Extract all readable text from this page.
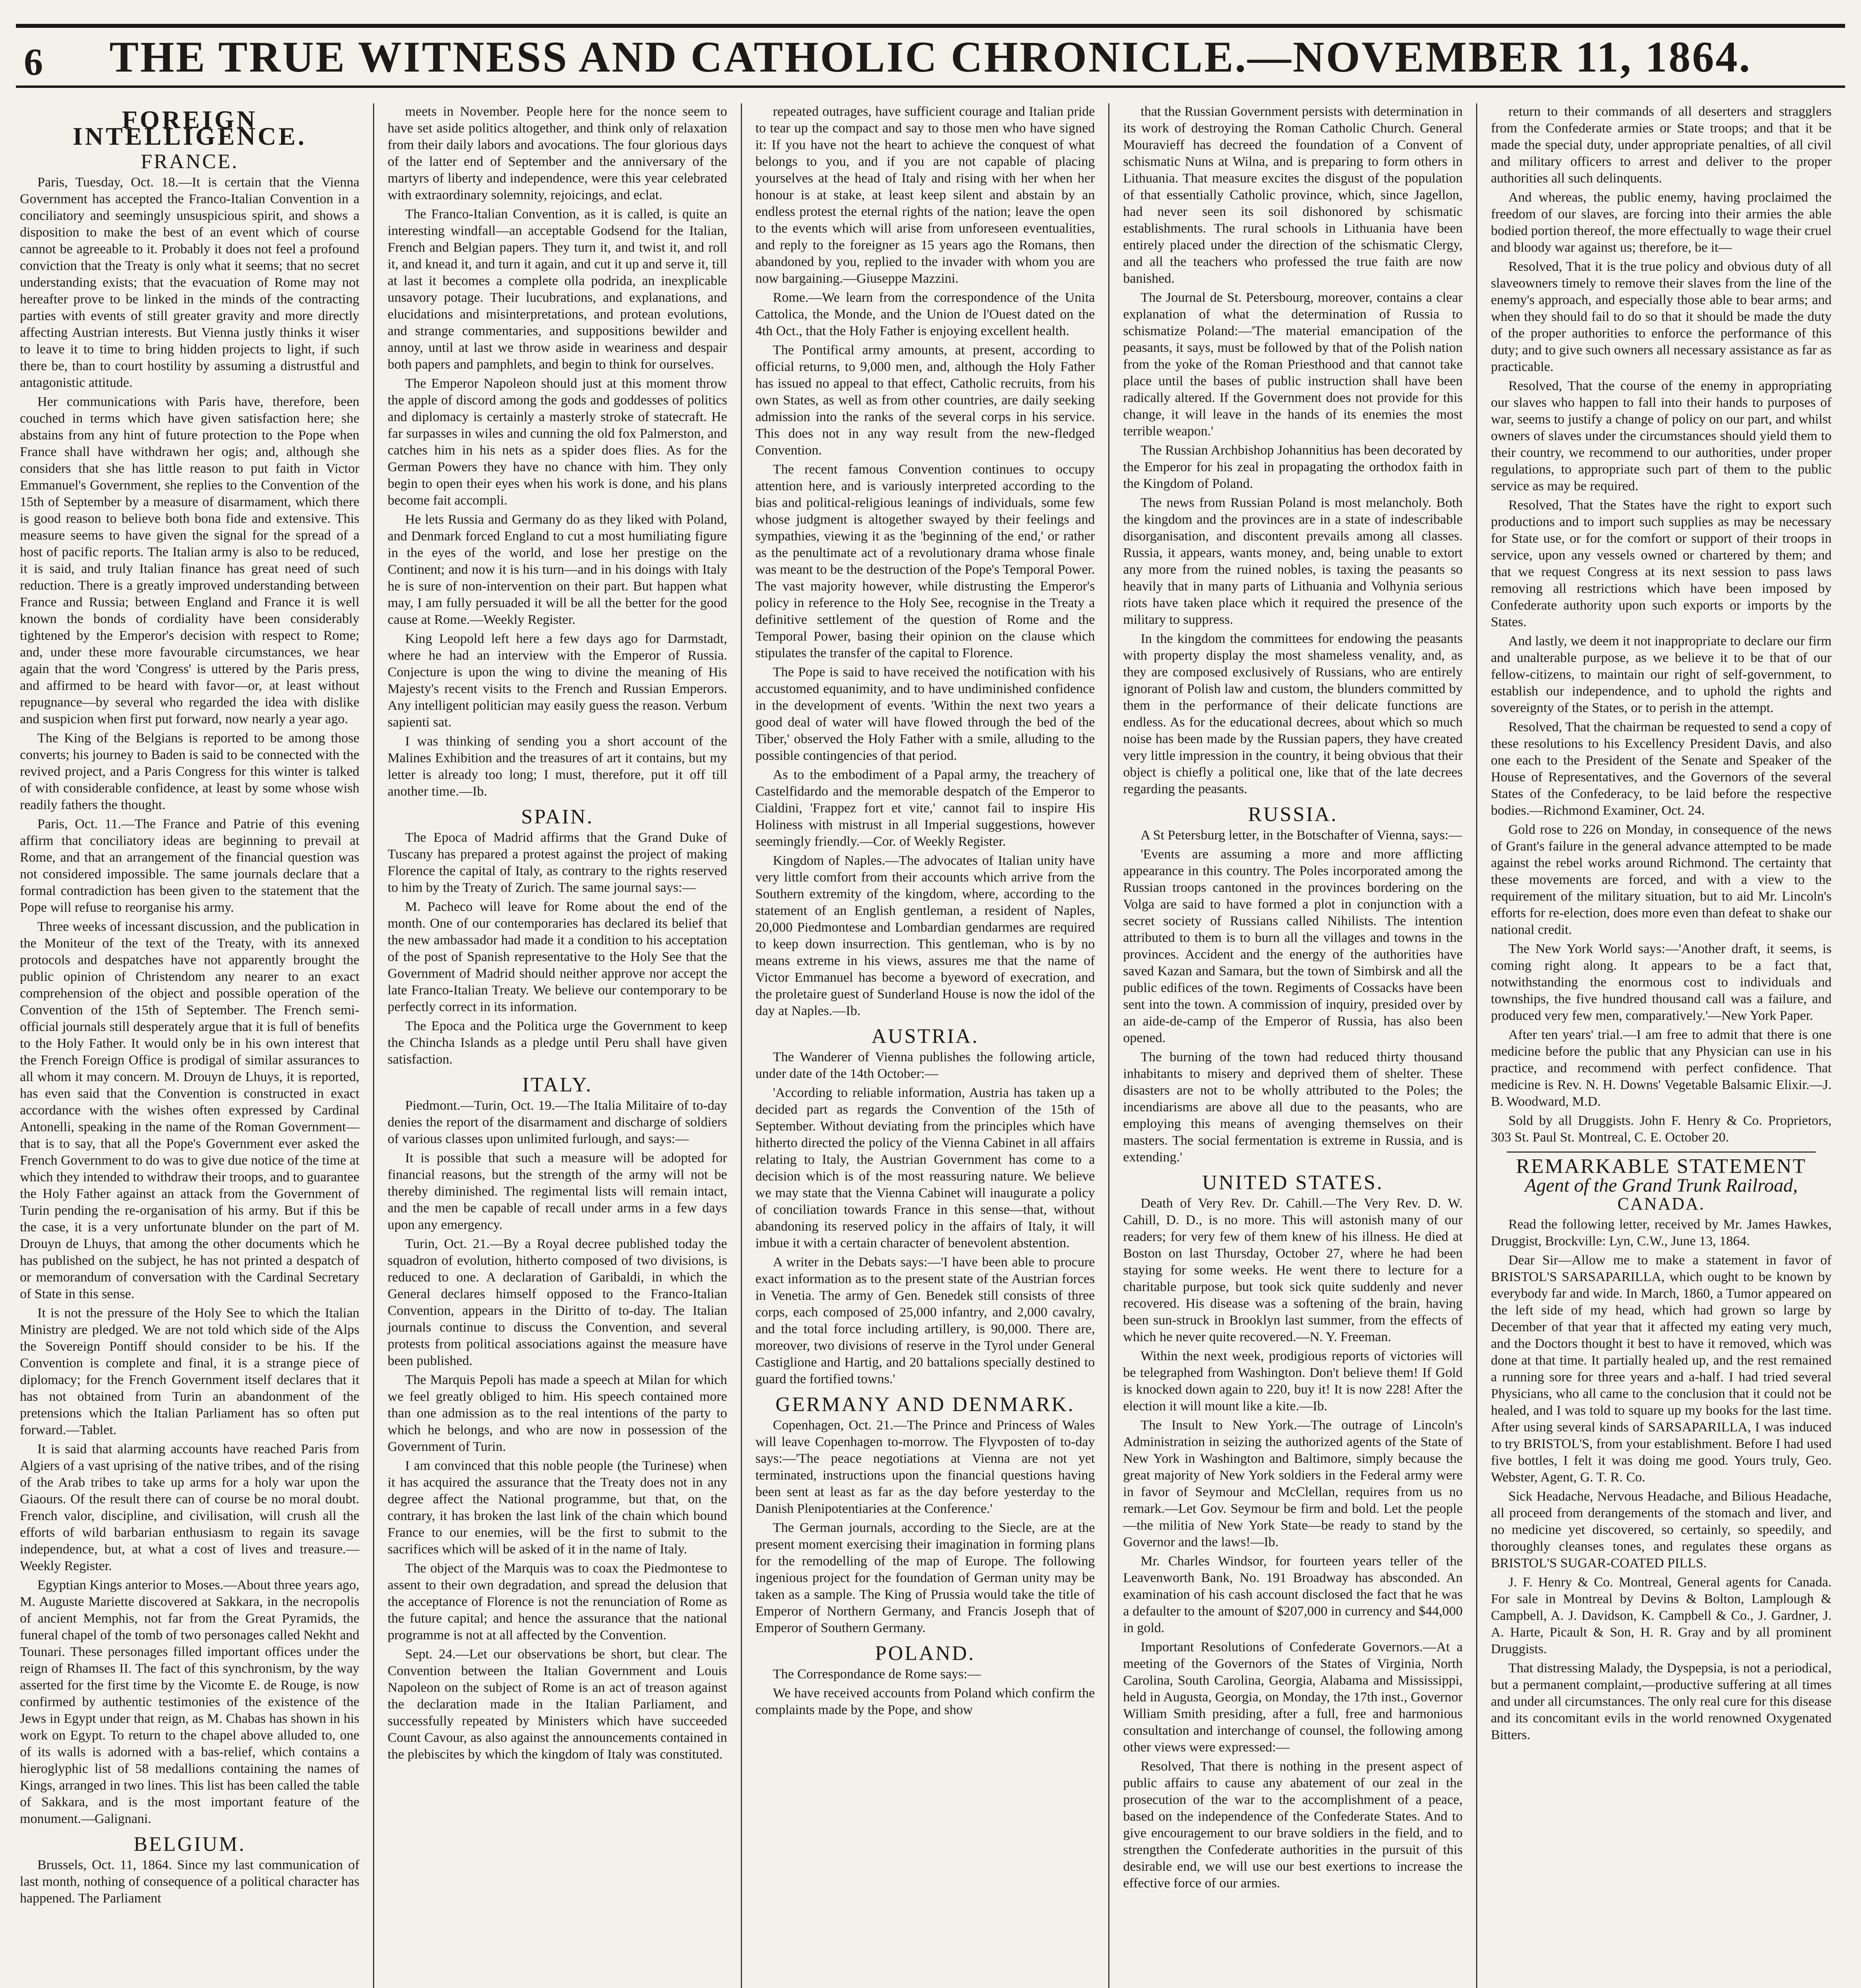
6	THE TRUE WITNESS AND CATHOLIC CHRONICLE.—NOVEMBER 11, 1864.
FOREIGN INTELLIGENCE.
FRANCE.

Paris, Tuesday, Oct. 18.—It is certain that the Vienna Government has accepted the Franco-Italian Convention in a conciliatory and seemingly unsuspicious spirit, and shows a disposition to make the best of an event which of course cannot be agreeable to it. Probably it does not feel a profound conviction that the Treaty is only what it seems; that no secret understanding exists; that the evacuation of Rome may not hereafter prove to be linked in the minds of the contracting parties with events of still greater gravity and more directly affecting Austrian interests. But Vienna justly thinks it wiser to leave it to time to bring hidden projects to light, if such there be, than to court hostility by assuming a distrustful and antagonistic attitude.

Her communications with Paris have, therefore, been couched in terms which have given satisfaction here; she abstains from any hint of future protection to the Pope when France shall have withdrawn her ogis; and, although she considers that she has little reason to put faith in Victor Emmanuel's Government, she replies to the Convention of the 15th of September by a measure of disarmament, which there is good reason to believe both bona fide and extensive. This measure seems to have given the signal for the spread of a host of pacific reports. The Italian army is also to be reduced, it is said, and truly Italian finance has great need of such reduction. There is a greatly improved understanding between France and Russia; between England and France it is well known the bonds of cordiality have been considerably tightened by the Emperor's decision with respect to Rome; and, under these more favourable circumstances, we hear again that the word 'Congress' is uttered by the Paris press, and affirmed to be heard with favor—or, at least without repugnance—by several who regarded the idea with dislike and suspicion when first put forward, now nearly a year ago.

The King of the Belgians is reported to be among those converts; his journey to Baden is said to be connected with the revived project, and a Paris Congress for this winter is talked of with considerable confidence, at least by some whose wish readily fathers the thought.

Paris, Oct. 11.—The France and Patrie of this evening affirm that conciliatory ideas are beginning to prevail at Rome, and that an arrangement of the financial question was not considered impossible. The same journals declare that a formal contradiction has been given to the statement that the Pope will refuse to reorganise his army.

Three weeks of incessant discussion, and the publication in the Moniteur of the text of the Treaty, with its annexed protocols and despatches have not apparently brought the public opinion of Christendom any nearer to an exact comprehension of the object and possible operation of the Convention of the 15th of September. The French semi-official journals still desperately argue that it is full of benefits to the Holy Father. It would only be in his own interest that the French Foreign Office is prodigal of similar assurances to all whom it may concern. M. Drouyn de Lhuys, it is reported, has even said that the Convention is constructed in exact accordance with the wishes often expressed by Cardinal Antonelli, speaking in the name of the Roman Government—that is to say, that all the Pope's Government ever asked the French Government to do was to give due notice of the time at which they intended to withdraw their troops, and to guarantee the Holy Father against an attack from the Government of Turin pending the re-organisation of his army. But if this be the case, it is a very unfortunate blunder on the part of M. Drouyn de Lhuys, that among the other documents which he has published on the subject, he has not printed a despatch of or memorandum of conversation with the Cardinal Secretary of State in this sense.

It is not the pressure of the Holy See to which the Italian Ministry are pledged. We are not told which side of the Alps the Sovereign Pontiff should consider to be his. If the Convention is complete and final, it is a strange piece of diplomacy; for the French Government itself declares that it has not obtained from Turin an abandonment of the pretensions which the Italian Parliament has so often put forward.—Tablet.

It is said that alarming accounts have reached Paris from Algiers of a vast uprising of the native tribes, and of the rising of the Arab tribes to take up arms for a holy war upon the Giaours. Of the result there can of course be no moral doubt. French valor, discipline, and civilisation, will crush all the efforts of wild barbarian enthusiasm to regain its savage independence, but, at what a cost of lives and treasure.—Weekly Register.

Egyptian Kings anterior to Moses.—About three years ago, M. Auguste Mariette discovered at Sakkara, in the necropolis of ancient Memphis, not far from the Great Pyramids, the funeral chapel of the tomb of two personages called Nekht and Tounari. These personages filled important offices under the reign of Rhamses II. The fact of this synchronism, by the way asserted for the first time by the Vicomte E. de Rouge, is now confirmed by authentic testimonies of the existence of the Jews in Egypt under that reign, as M. Chabas has shown in his work on Egypt. To return to the chapel above alluded to, one of its walls is adorned with a bas-relief, which contains a hieroglyphic list of 58 medallions containing the names of Kings, arranged in two lines. This list has been called the table of Sakkara, and is the most important feature of the monument.—Galignani.

BELGIUM.

Brussels, Oct. 11, 1864. Since my last communication of last month, nothing of consequence of a political character has happened. The Parliament

meets in November. People here for the nonce seem to have set aside politics altogether, and think only of relaxation from their daily labors and avocations. The four glorious days of the latter end of September and the anniversary of the martyrs of liberty and independence, were this year celebrated with extraordinary solemnity, rejoicings, and eclat.

The Franco-Italian Convention, as it is called, is quite an interesting windfall—an acceptable Godsend for the Italian, French and Belgian papers. They turn it, and twist it, and roll it, and knead it, and turn it again, and cut it up and serve it, till at last it becomes a complete olla podrida, an inexplicable unsavory potage. Their lucubrations, and explanations, and elucidations and misinterpretations, and protean evolutions, and strange commentaries, and suppositions bewilder and annoy, until at last we throw aside in weariness and despair both papers and pamphlets, and begin to think for ourselves.

The Emperor Napoleon should just at this moment throw the apple of discord among the gods and goddesses of politics and diplomacy is certainly a masterly stroke of statecraft. He far surpasses in wiles and cunning the old fox Palmerston, and catches him in his nets as a spider does flies. As for the German Powers they have no chance with him. They only begin to open their eyes when his work is done, and his plans become fait accompli.

He lets Russia and Germany do as they liked with Poland, and Denmark forced England to cut a most humiliating figure in the eyes of the world, and lose her prestige on the Continent; and now it is his turn—and in his doings with Italy he is sure of non-intervention on their part. But happen what may, I am fully persuaded it will be all the better for the good cause at Rome.—Weekly Register.

King Leopold left here a few days ago for Darmstadt, where he had an interview with the Emperor of Russia. Conjecture is upon the wing to divine the meaning of His Majesty's recent visits to the French and Russian Emperors. Any intelligent politician may easily guess the reason. Verbum sapienti sat.

I was thinking of sending you a short account of the Malines Exhibition and the treasures of art it contains, but my letter is already too long; I must, therefore, put it off till another time.—Ib.

SPAIN.

The Epoca of Madrid affirms that the Grand Duke of Tuscany has prepared a protest against the project of making Florence the capital of Italy, as contrary to the rights reserved to him by the Treaty of Zurich. The same journal says:—

M. Pacheco will leave for Rome about the end of the month. One of our contemporaries has declared its belief that the new ambassador had made it a condition to his acceptation of the post of Spanish representative to the Holy See that the Government of Madrid should neither approve nor accept the late Franco-Italian Treaty. We believe our contemporary to be perfectly correct in its information.

The Epoca and the Politica urge the Government to keep the Chincha Islands as a pledge until Peru shall have given satisfaction.

ITALY.

Piedmont.—Turin, Oct. 19.—The Italia Militaire of to-day denies the report of the disarmament and discharge of soldiers of various classes upon unlimited furlough, and says:—

It is possible that such a measure will be adopted for financial reasons, but the strength of the army will not be thereby diminished. The regimental lists will remain intact, and the men be capable of recall under arms in a few days upon any emergency.

Turin, Oct. 21.—By a Royal decree published today the squadron of evolution, hitherto composed of two divisions, is reduced to one. A declaration of Garibaldi, in which the General declares himself opposed to the Franco-Italian Convention, appears in the Diritto of to-day. The Italian journals continue to discuss the Convention, and several protests from political associations against the measure have been published.

The Marquis Pepoli has made a speech at Milan for which we feel greatly obliged to him. His speech contained more than one admission as to the real intentions of the party to which he belongs, and who are now in possession of the Government of Turin.

I am convinced that this noble people (the Turinese) when it has acquired the assurance that the Treaty does not in any degree affect the National programme, but that, on the contrary, it has broken the last link of the chain which bound France to our enemies, will be the first to submit to the sacrifices which will be asked of it in the name of Italy.

The object of the Marquis was to coax the Piedmontese to assent to their own degradation, and spread the delusion that the acceptance of Florence is not the renunciation of Rome as the future capital; and hence the assurance that the national programme is not at all affected by the Convention.

Sept. 24.—Let our observations be short, but clear. The Convention between the Italian Government and Louis Napoleon on the subject of Rome is an act of treason against the declaration made in the Italian Parliament, and successfully repeated by Ministers which have succeeded Count Cavour, as also against the announcements contained in the plebiscites by which the kingdom of Italy was constituted.

repeated outrages, have sufficient courage and Italian pride to tear up the compact and say to those men who have signed it: If you have not the heart to achieve the conquest of what belongs to you, and if you are not capable of placing yourselves at the head of Italy and rising with her when her honour is at stake, at least keep silent and abstain by an endless protest the eternal rights of the nation; leave the open to the events which will arise from unforeseen eventualities, and reply to the foreigner as 15 years ago the Romans, then abandoned by you, replied to the invader with whom you are now bargaining.—Giuseppe Mazzini.

Rome.—We learn from the correspondence of the Unita Cattolica, the Monde, and the Union de l'Ouest dated on the 4th Oct., that the Holy Father is enjoying excellent health.

The Pontifical army amounts, at present, according to official returns, to 9,000 men, and, although the Holy Father has issued no appeal to that effect, Catholic recruits, from his own States, as well as from other countries, are daily seeking admission into the ranks of the several corps in his service. This does not in any way result from the new-fledged Convention.

The recent famous Convention continues to occupy attention here, and is variously interpreted according to the bias and political-religious leanings of individuals, some few whose judgment is altogether swayed by their feelings and sympathies, viewing it as the 'beginning of the end,' or rather as the penultimate act of a revolutionary drama whose finale was meant to be the destruction of the Pope's Temporal Power. The vast majority however, while distrusting the Emperor's policy in reference to the Holy See, recognise in the Treaty a definitive settlement of the question of Rome and the Temporal Power, basing their opinion on the clause which stipulates the transfer of the capital to Florence.

The Pope is said to have received the notification with his accustomed equanimity, and to have undiminished confidence in the development of events. 'Within the next two years a good deal of water will have flowed through the bed of the Tiber,' observed the Holy Father with a smile, alluding to the possible contingencies of that period.

As to the embodiment of a Papal army, the treachery of Castelfidardo and the memorable despatch of the Emperor to Cialdini, 'Frappez fort et vite,' cannot fail to inspire His Holiness with mistrust in all Imperial suggestions, however seemingly friendly.—Cor. of Weekly Register.

Kingdom of Naples.—The advocates of Italian unity have very little comfort from their accounts which arrive from the Southern extremity of the kingdom, where, according to the statement of an English gentleman, a resident of Naples, 20,000 Piedmontese and Lombardian gendarmes are required to keep down insurrection. This gentleman, who is by no means extreme in his views, assures me that the name of Victor Emmanuel has become a byeword of execration, and the proletaire guest of Sunderland House is now the idol of the day at Naples.—Ib.

AUSTRIA.

The Wanderer of Vienna publishes the following article, under date of the 14th October:—

'According to reliable information, Austria has taken up a decided part as regards the Convention of the 15th of September. Without deviating from the principles which have hitherto directed the policy of the Vienna Cabinet in all affairs relating to Italy, the Austrian Government has come to a decision which is of the most reassuring nature. We believe we may state that the Vienna Cabinet will inaugurate a policy of conciliation towards France in this sense—that, without abandoning its reserved policy in the affairs of Italy, it will imbue it with a certain character of benevolent abstention.

A writer in the Debats says:—'I have been able to procure exact information as to the present state of the Austrian forces in Venetia. The army of Gen. Benedek still consists of three corps, each composed of 25,000 infantry, and 2,000 cavalry, and the total force including artillery, is 90,000. There are, moreover, two divisions of reserve in the Tyrol under General Castiglione and Hartig, and 20 battalions specially destined to guard the fortified towns.'

GERMANY AND DENMARK.

Copenhagen, Oct. 21.—The Prince and Princess of Wales will leave Copenhagen to-morrow. The Flyvposten of to-day says:—'The peace negotiations at Vienna are not yet terminated, instructions upon the financial questions having been sent at least as far as the day before yesterday to the Danish Plenipotentiaries at the Conference.'

The German journals, according to the Siecle, are at the present moment exercising their imagination in forming plans for the remodelling of the map of Europe. The following ingenious project for the foundation of German unity may be taken as a sample. The King of Prussia would take the title of Emperor of Northern Germany, and Francis Joseph that of Emperor of Southern Germany.

POLAND.

The Correspondance de Rome says:—

We have received accounts from Poland which confirm the complaints made by the Pope, and show

that the Russian Government persists with determination in its work of destroying the Roman Catholic Church. General Mouravieff has decreed the foundation of a Convent of schismatic Nuns at Wilna, and is preparing to form others in Lithuania. That measure excites the disgust of the population of that essentially Catholic province, which, since Jagellon, had never seen its soil dishonored by schismatic establishments. The rural schools in Lithuania have been entirely placed under the direction of the schismatic Clergy, and all the teachers who professed the true faith are now banished.

The Journal de St. Petersbourg, moreover, contains a clear explanation of what the determination of Russia to schismatize Poland:—'The material emancipation of the peasants, it says, must be followed by that of the Polish nation from the yoke of the Roman Priesthood and that cannot take place until the bases of public instruction shall have been radically altered. If the Government does not provide for this change, it will leave in the hands of its enemies the most terrible weapon.'

The Russian Archbishop Johannitius has been decorated by the Emperor for his zeal in propagating the orthodox faith in the Kingdom of Poland.

The news from Russian Poland is most melancholy. Both the kingdom and the provinces are in a state of indescribable disorganisation, and discontent prevails among all classes. Russia, it appears, wants money, and, being unable to extort any more from the ruined nobles, is taxing the peasants so heavily that in many parts of Lithuania and Volhynia serious riots have taken place which it required the presence of the military to suppress.

In the kingdom the committees for endowing the peasants with property display the most shameless venality, and, as they are composed exclusively of Russians, who are entirely ignorant of Polish law and custom, the blunders committed by them in the performance of their delicate functions are endless. As for the educational decrees, about which so much noise has been made by the Russian papers, they have created very little impression in the country, it being obvious that their object is chiefly a political one, like that of the late decrees regarding the peasants.

RUSSIA.

A St Petersburg letter, in the Botschafter of Vienna, says:—

'Events are assuming a more and more afflicting appearance in this country. The Poles incorporated among the Russian troops cantoned in the provinces bordering on the Volga are said to have formed a plot in conjunction with a secret society of Russians called Nihilists. The intention attributed to them is to burn all the villages and towns in the provinces. Accident and the energy of the authorities have saved Kazan and Samara, but the town of Simbirsk and all the public edifices of the town. Regiments of Cossacks have been sent into the town. A commission of inquiry, presided over by an aide-de-camp of the Emperor of Russia, has also been opened.

The burning of the town had reduced thirty thousand inhabitants to misery and deprived them of shelter. These disasters are not to be wholly attributed to the Poles; the incendiarisms are above all due to the peasants, who are employing this means of avenging themselves on their masters. The social fermentation is extreme in Russia, and is extending.'

UNITED STATES.

Death of Very Rev. Dr. Cahill.—The Very Rev. D. W. Cahill, D. D., is no more. This will astonish many of our readers; for very few of them knew of his illness. He died at Boston on last Thursday, October 27, where he had been staying for some weeks. He went there to lecture for a charitable purpose, but took sick quite suddenly and never recovered. His disease was a softening of the brain, having been sun-struck in Brooklyn last summer, from the effects of which he never quite recovered.—N. Y. Freeman.

Within the next week, prodigious reports of victories will be telegraphed from Washington. Don't believe them! If Gold is knocked down again to 220, buy it! It is now 228! After the election it will mount like a kite.—Ib.

The Insult to New York.—The outrage of Lincoln's Administration in seizing the authorized agents of the State of New York in Washington and Baltimore, simply because the great majority of New York soldiers in the Federal army were in favor of Seymour and McClellan, requires from us no remark.—Let Gov. Seymour be firm and bold. Let the people—the militia of New York State—be ready to stand by the Governor and the laws!—Ib.

Mr. Charles Windsor, for fourteen years teller of the Leavenworth Bank, No. 191 Broadway has absconded. An examination of his cash account disclosed the fact that he was a defaulter to the amount of $207,000 in currency and $44,000 in gold.

Important Resolutions of Confederate Governors.—At a meeting of the Governors of the States of Virginia, North Carolina, South Carolina, Georgia, Alabama and Mississippi, held in Augusta, Georgia, on Monday, the 17th inst., Governor William Smith presiding, after a full, free and harmonious consultation and interchange of counsel, the following among other views were expressed:—

Resolved, That there is nothing in the present aspect of public affairs to cause any abatement of our zeal in the prosecution of the war to the accomplishment of a peace, based on the independence of the Confederate States. And to give encouragement to our brave soldiers in the field, and to strengthen the Confederate authorities in the pursuit of this desirable end, we will use our best exertions to increase the effective force of our armies.

return to their commands of all deserters and stragglers from the Confederate armies or State troops; and that it be made the special duty, under appropriate penalties, of all civil and military officers to arrest and deliver to the proper authorities all such delinquents.

And whereas, the public enemy, having proclaimed the freedom of our slaves, are forcing into their armies the able bodied portion thereof, the more effectually to wage their cruel and bloody war against us; therefore, be it—

Resolved, That it is the true policy and obvious duty of all slaveowners timely to remove their slaves from the line of the enemy's approach, and especially those able to bear arms; and when they should fail to do so that it should be made the duty of the proper authorities to enforce the performance of this duty; and to give such owners all necessary assistance as far as practicable.

Resolved, That the course of the enemy in appropriating our slaves who happen to fall into their hands to purposes of war, seems to justify a change of policy on our part, and whilst owners of slaves under the circumstances should yield them to their country, we recommend to our authorities, under proper regulations, to appropriate such part of them to the public service as may be required.

Resolved, That the States have the right to export such productions and to import such supplies as may be necessary for State use, or for the comfort or support of their troops in service, upon any vessels owned or chartered by them; and that we request Congress at its next session to pass laws removing all restrictions which have been imposed by Confederate authority upon such exports or imports by the States.

And lastly, we deem it not inappropriate to declare our firm and unalterable purpose, as we believe it to be that of our fellow-citizens, to maintain our right of self-government, to establish our independence, and to uphold the rights and sovereignty of the States, or to perish in the attempt.

Resolved, That the chairman be requested to send a copy of these resolutions to his Excellency President Davis, and also one each to the President of the Senate and Speaker of the House of Representatives, and the Governors of the several States of the Confederacy, to be laid before the respective bodies.—Richmond Examiner, Oct. 24.

Gold rose to 226 on Monday, in consequence of the news of Grant's failure in the general advance attempted to be made against the rebel works around Richmond. The certainty that these movements are forced, and with a view to the requirement of the military situation, but to aid Mr. Lincoln's efforts for re-election, does more even than defeat to shake our national credit.

The New York World says:—'Another draft, it seems, is coming right along. It appears to be a fact that, notwithstanding the enormous cost to individuals and townships, the five hundred thousand call was a failure, and produced very few men, comparatively.'—New York Paper.

After ten years' trial.—I am free to admit that there is one medicine before the public that any Physician can use in his practice, and recommend with perfect confidence. That medicine is Rev. N. H. Downs' Vegetable Balsamic Elixir.—J. B. Woodward, M.D.

Sold by all Druggists. John F. Henry & Co. Proprietors, 303 St. Paul St. Montreal, C. E. October 20.

REMARKABLE STATEMENT
Agent of the Grand Trunk Railroad,
CANADA.

Read the following letter, received by Mr. James Hawkes, Druggist, Brockville: Lyn, C.W., June 13, 1864.

Dear Sir—Allow me to make a statement in favor of BRISTOL'S SARSAPARILLA, which ought to be known by everybody far and wide. In March, 1860, a Tumor appeared on the left side of my head, which had grown so large by December of that year that it affected my eating very much, and the Doctors thought it best to have it removed, which was done at that time. It partially healed up, and the rest remained a running sore for three years and a-half. I had tried several Physicians, who all came to the conclusion that it could not be healed, and I was told to square up my books for the last time. After using several kinds of SARSAPARILLA, I was induced to try BRISTOL'S, from your establishment. Before I had used five bottles, I felt it was doing me good. Yours truly, Geo. Webster, Agent, G. T. R. Co.

Sick Headache, Nervous Headache, and Bilious Headache, all proceed from derangements of the stomach and liver, and no medicine yet discovered, so certainly, so speedily, and thoroughly cleanses tones, and regulates these organs as BRISTOL'S SUGAR-COATED PILLS.

J. F. Henry & Co. Montreal, General agents for Canada. For sale in Montreal by Devins & Bolton, Lamplough & Campbell, A. J. Davidson, K. Campbell & Co., J. Gardner, J. A. Harte, Picault & Son, H. R. Gray and by all prominent Druggists.

That distressing Malady, the Dyspepsia, is not a periodical, but a permanent complaint,—productive suffering at all times and under all circumstances. The only real cure for this disease and its concomitant evils in the world renowned Oxygenated Bitters.
